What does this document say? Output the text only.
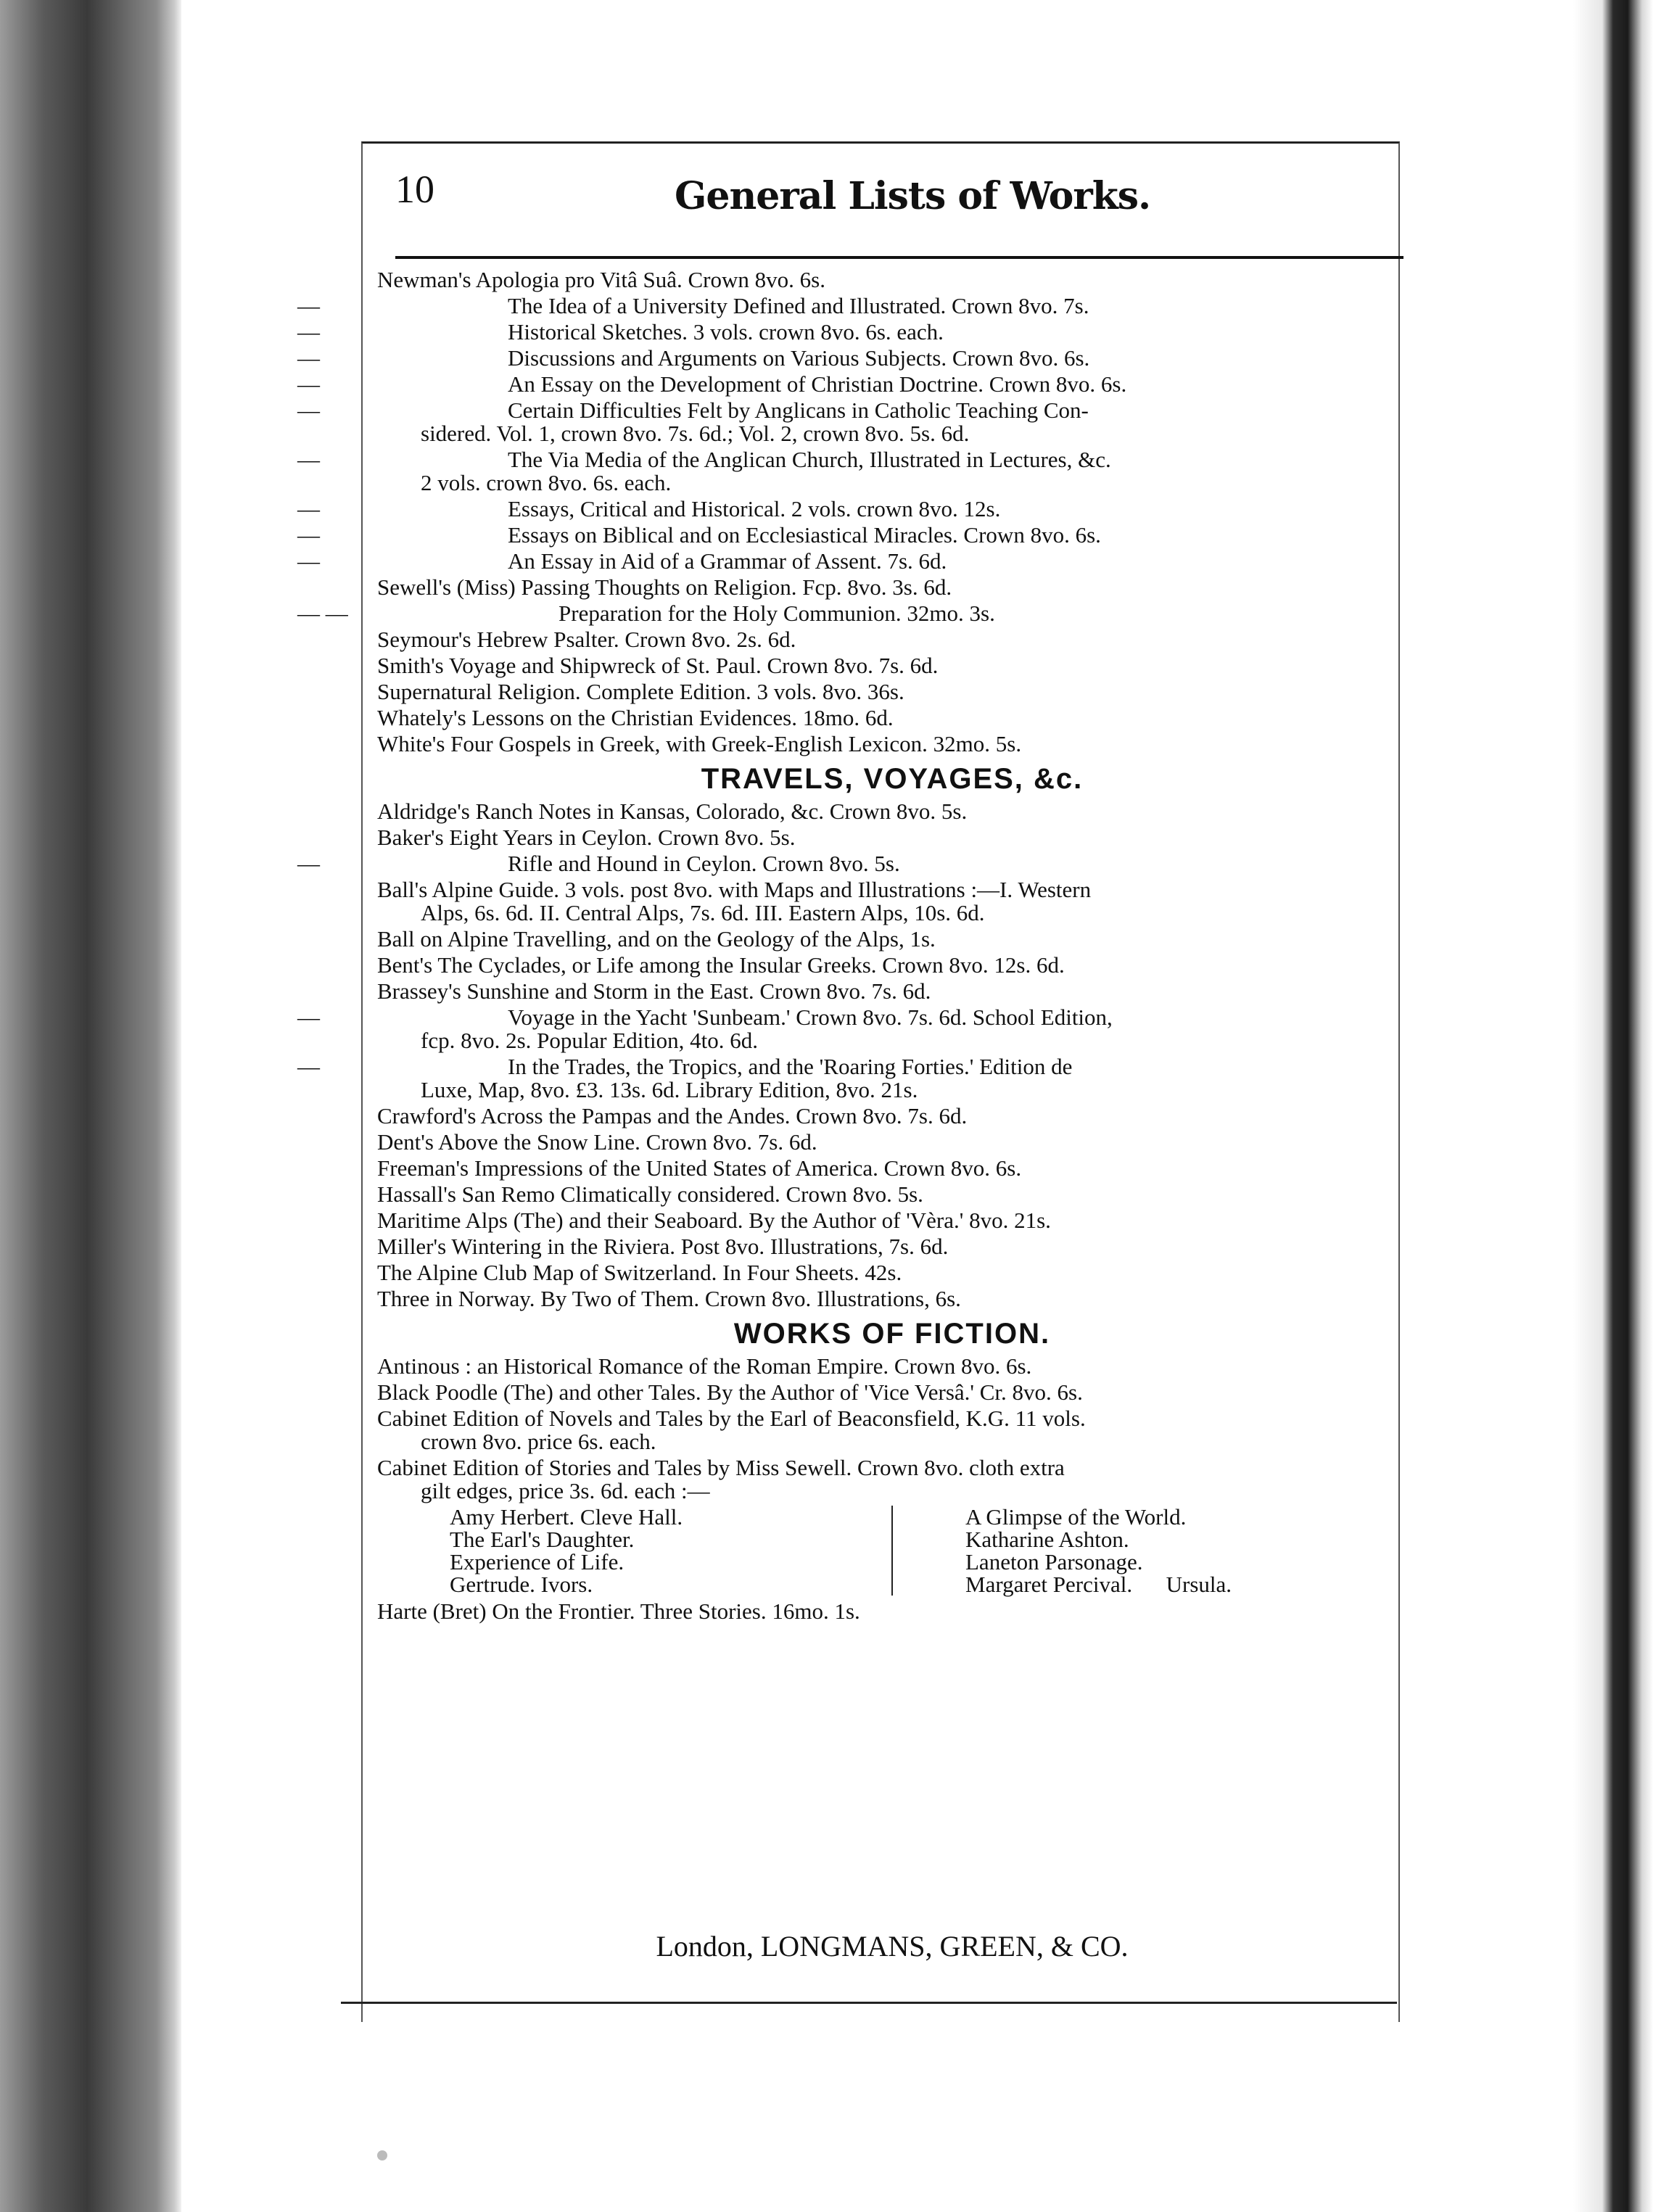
10	General Lists of Works.
Newman's Apologia pro Vitâ Suâ. Crown 8vo. 6s.
—	The Idea of a University Defined and Illustrated. Crown 8vo. 7s.
—	Historical Sketches. 3 vols. crown 8vo. 6s. each.
—	Discussions and Arguments on Various Subjects. Crown 8vo. 6s.
—	An Essay on the Development of Christian Doctrine. Crown 8vo. 6s.
—	Certain Difficulties Felt by Anglicans in Catholic Teaching Con-
sidered. Vol. 1, crown 8vo. 7s. 6d.; Vol. 2, crown 8vo. 5s. 6d.
—	The Via Media of the Anglican Church, Illustrated in Lectures, &c.
2 vols. crown 8vo. 6s. each.
—	Essays, Critical and Historical. 2 vols. crown 8vo. 12s.
—	Essays on Biblical and on Ecclesiastical Miracles. Crown 8vo. 6s.
—	An Essay in Aid of a Grammar of Assent. 7s. 6d.
Sewell's (Miss) Passing Thoughts on Religion. Fcp. 8vo. 3s. 6d.
— —	Preparation for the Holy Communion. 32mo. 3s.
Seymour's Hebrew Psalter. Crown 8vo. 2s. 6d.
Smith's Voyage and Shipwreck of St. Paul. Crown 8vo. 7s. 6d.
Supernatural Religion. Complete Edition. 3 vols. 8vo. 36s.
Whately's Lessons on the Christian Evidences. 18mo. 6d.
White's Four Gospels in Greek, with Greek-English Lexicon. 32mo. 5s.
TRAVELS, VOYAGES, &c.
Aldridge's Ranch Notes in Kansas, Colorado, &c. Crown 8vo. 5s.
Baker's Eight Years in Ceylon. Crown 8vo. 5s.
—	Rifle and Hound in Ceylon. Crown 8vo. 5s.
Ball's Alpine Guide. 3 vols. post 8vo. with Maps and Illustrations :—I. Western
Alps, 6s. 6d. II. Central Alps, 7s. 6d. III. Eastern Alps, 10s. 6d.
Ball on Alpine Travelling, and on the Geology of the Alps, 1s.
Bent's The Cyclades, or Life among the Insular Greeks. Crown 8vo. 12s. 6d.
Brassey's Sunshine and Storm in the East. Crown 8vo. 7s. 6d.
—	Voyage in the Yacht 'Sunbeam.' Crown 8vo. 7s. 6d. School Edition,
fcp. 8vo. 2s. Popular Edition, 4to. 6d.
—	In the Trades, the Tropics, and the 'Roaring Forties.' Edition de
Luxe, Map, 8vo. £3. 13s. 6d. Library Edition, 8vo. 21s.
Crawford's Across the Pampas and the Andes. Crown 8vo. 7s. 6d.
Dent's Above the Snow Line. Crown 8vo. 7s. 6d.
Freeman's Impressions of the United States of America. Crown 8vo. 6s.
Hassall's San Remo Climatically considered. Crown 8vo. 5s.
Maritime Alps (The) and their Seaboard. By the Author of 'Vèra.' 8vo. 21s.
Miller's Wintering in the Riviera. Post 8vo. Illustrations, 7s. 6d.
The Alpine Club Map of Switzerland. In Four Sheets. 42s.
Three in Norway. By Two of Them. Crown 8vo. Illustrations, 6s.
WORKS OF FICTION.
Antinous : an Historical Romance of the Roman Empire. Crown 8vo. 6s.
Black Poodle (The) and other Tales. By the Author of 'Vice Versâ.' Cr. 8vo. 6s.
Cabinet Edition of Novels and Tales by the Earl of Beaconsfield, K.G. 11 vols.
crown 8vo. price 6s. each.
Cabinet Edition of Stories and Tales by Miss Sewell. Crown 8vo. cloth extra
gilt edges, price 3s. 6d. each :—
Amy Herbert. Cleve Hall.
The Earl's Daughter.
Experience of Life.
Gertrude. Ivors.
A Glimpse of the World.
Katharine Ashton.
Laneton Parsonage.
Margaret Percival.      Ursula.
Harte (Bret) On the Frontier. Three Stories. 16mo. 1s.
London, LONGMANS, GREEN, & CO.
